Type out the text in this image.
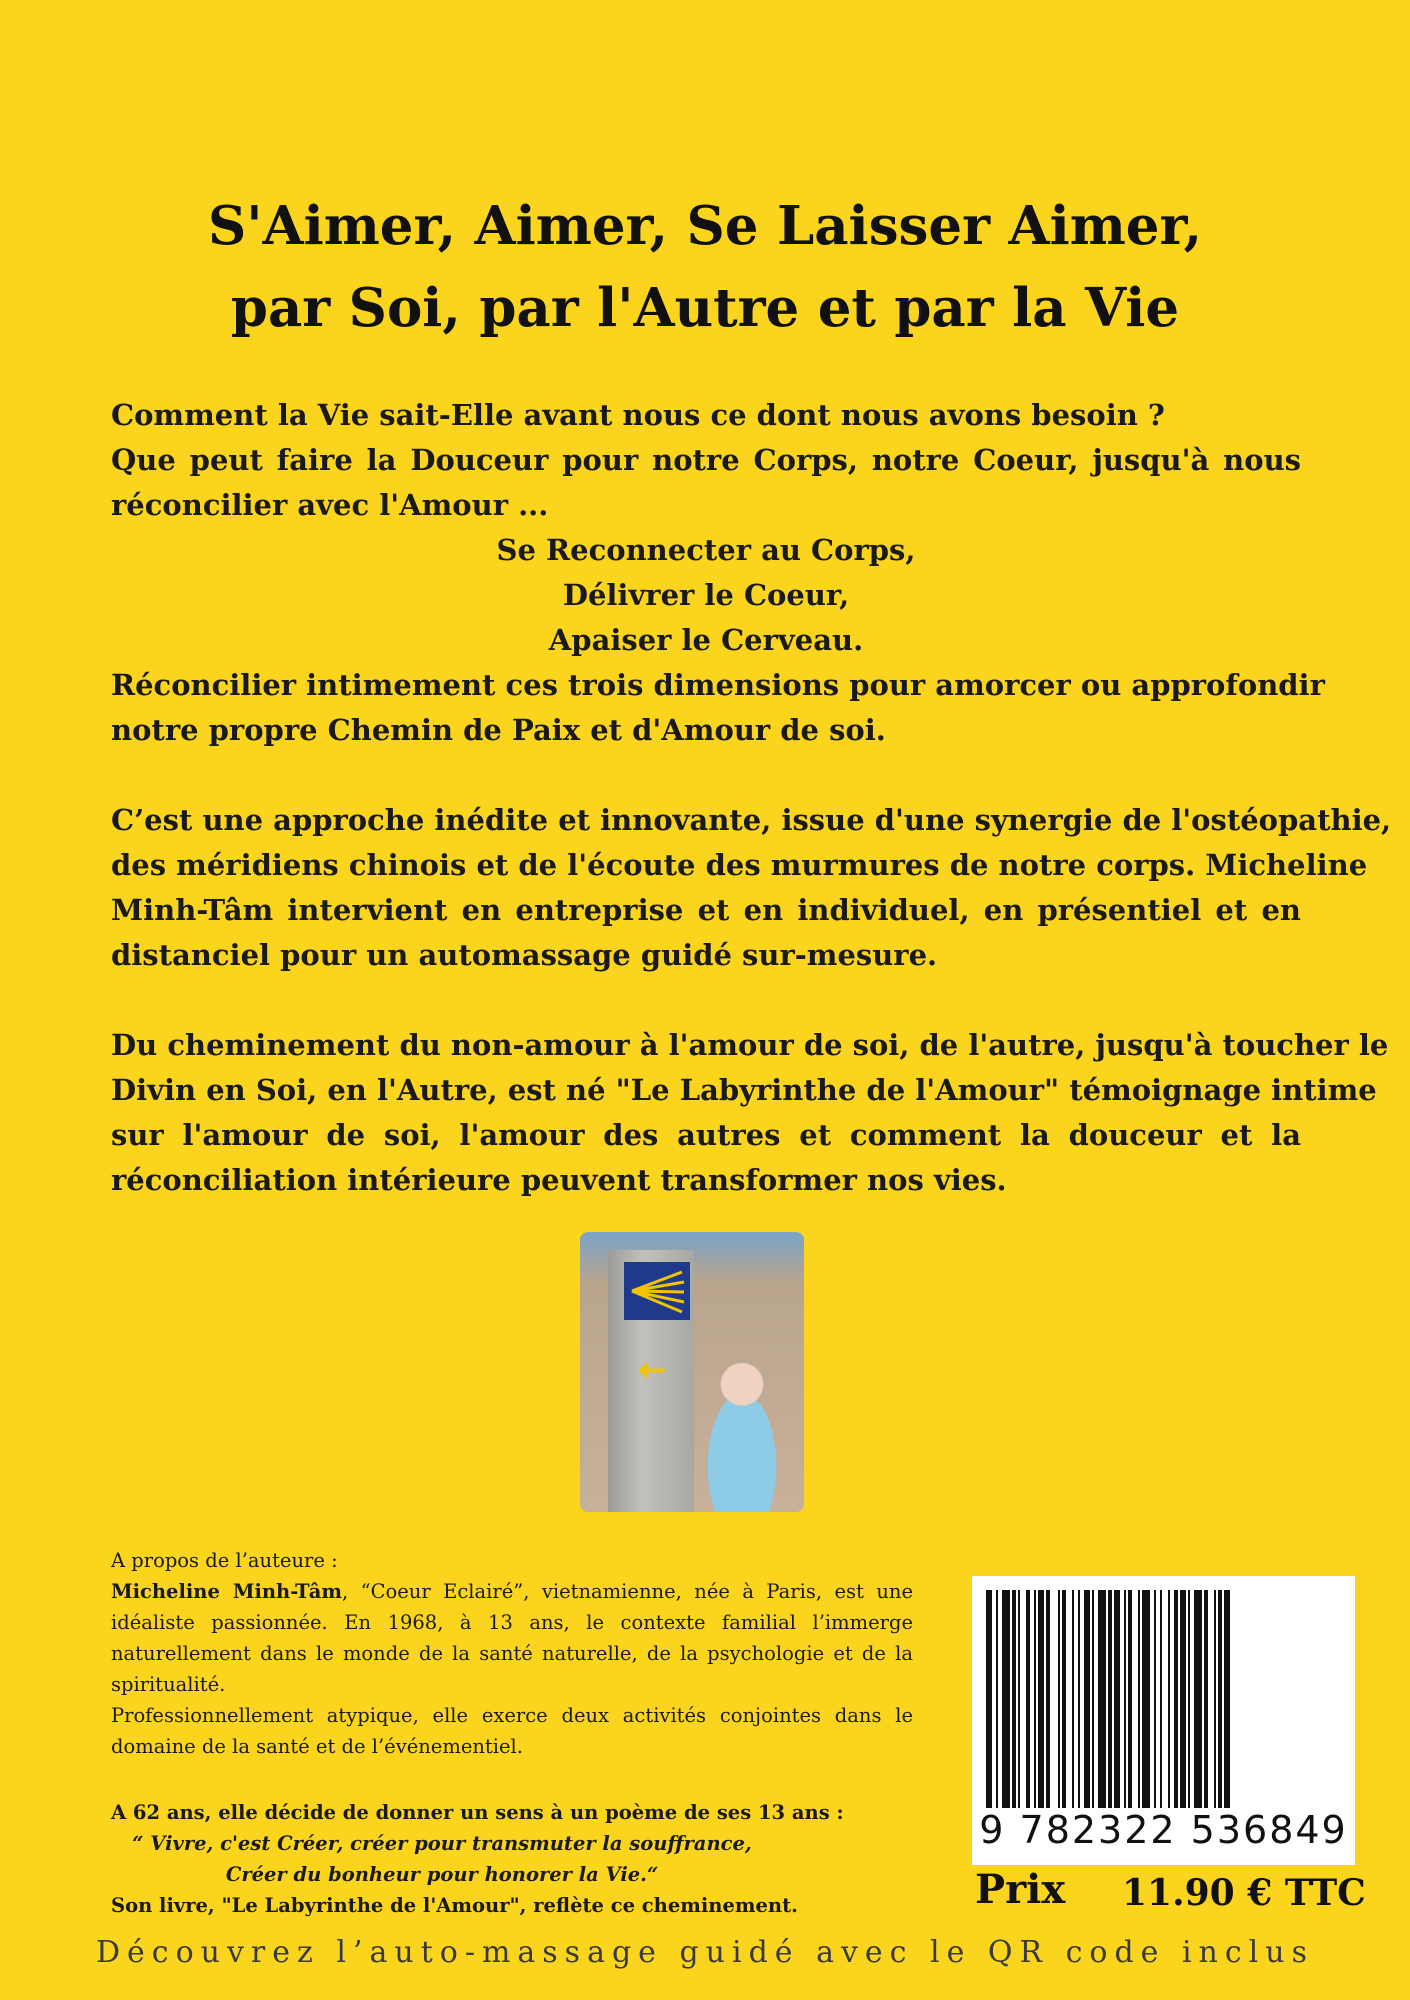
S'Aimer, Aimer, Se Laisser Aimer,
par Soi, par l'Autre et par la Vie
Comment la Vie sait-Elle avant nous ce dont nous avons besoin ?
Que peut faire la Douceur pour notre Corps, notre Coeur, jusqu'à nous
réconcilier avec l'Amour ...
Se Reconnecter au Corps,
Délivrer le Coeur,
Apaiser le Cerveau.
Réconcilier intimement ces trois dimensions pour amorcer ou approfondir
notre propre Chemin de Paix et d'Amour de soi.
C’est une approche inédite et innovante, issue d'une synergie de l'ostéopathie,
des méridiens chinois et de l'écoute des murmures de notre corps. Micheline
Minh-Tâm intervient en entreprise et en individuel, en présentiel et en
distanciel pour un automassage guidé sur-mesure.
Du cheminement du non-amour à l'amour de soi, de l'autre, jusqu'à toucher le
Divin en Soi, en l'Autre, est né "Le Labyrinthe de l'Amour" témoignage intime
sur l'amour de soi, l'amour des autres et comment la douceur et la
réconciliation intérieure peuvent transformer nos vies.
←
A propos de l’auteure :
Micheline Minh-Tâm, “Coeur Eclairé”, vietnamienne, née à Paris, est une
idéaliste passionnée. En 1968, à 13 ans, le contexte familial l’immerge
naturellement dans le monde de la santé naturelle, de la psychologie et de la
spiritualité.
Professionnellement atypique, elle exerce deux activités conjointes dans le
domaine de la santé et de l’événementiel.
A 62 ans, elle décide de donner un sens à un poème de ses 13 ans :
“ Vivre, c'est Créer, créer pour transmuter la souffrance,
Créer du bonheur pour honorer la Vie.“
Son livre, "Le Labyrinthe de l'Amour", reflète ce cheminement.
9 782322 536849
Prix 11.90 € TTC
Découvrez l’auto-massage guidé avec le QR code inclus
